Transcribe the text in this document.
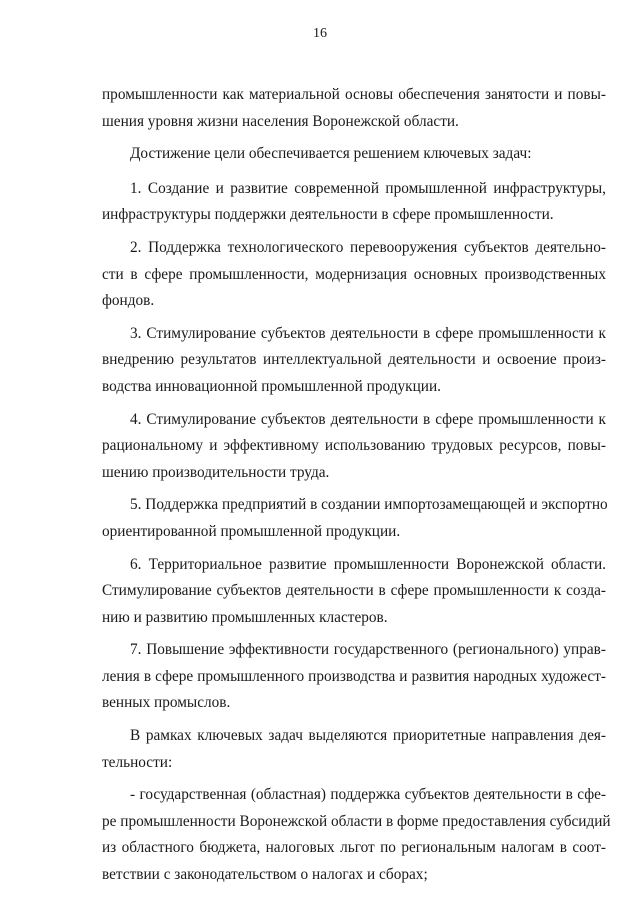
16

промышленности как материальной основы обеспечения занятости и повы-
шения уровня жизни населения Воронежской области.

Достижение цели обеспечивается решением ключевых задач:

1. Создание и развитие современной промышленной инфраструктуры,
инфраструктуры поддержки деятельности в сфере промышленности.

2. Поддержка технологического перевооружения субъектов деятельно-
сти в сфере промышленности, модернизация основных производственных
фондов.

3. Стимулирование субъектов деятельности в сфере промышленности к
внедрению результатов интеллектуальной деятельности и освоение произ-
водства инновационной промышленной продукции.

4. Стимулирование субъектов деятельности в сфере промышленности к
рациональному и эффективному использованию трудовых ресурсов, повы-
шению производительности труда.

5. Поддержка предприятий в создании импортозамещающей и экспортно
ориентированной промышленной продукции.

6. Территориальное развитие промышленности Воронежской области.
Стимулирование субъектов деятельности в сфере промышленности к созда-
нию и развитию промышленных кластеров.

7. Повышение эффективности государственного (регионального) управ-
ления в сфере промышленного производства и развития народных художест-
венных промыслов.

В рамках ключевых задач выделяются приоритетные направления дея-
тельности:

- государственная (областная) поддержка субъектов деятельности в сфе-
ре промышленности Воронежской области в форме предоставления субсидий
из областного бюджета, налоговых льгот по региональным налогам в соот-
ветствии с законодательством о налогах и сборах;
